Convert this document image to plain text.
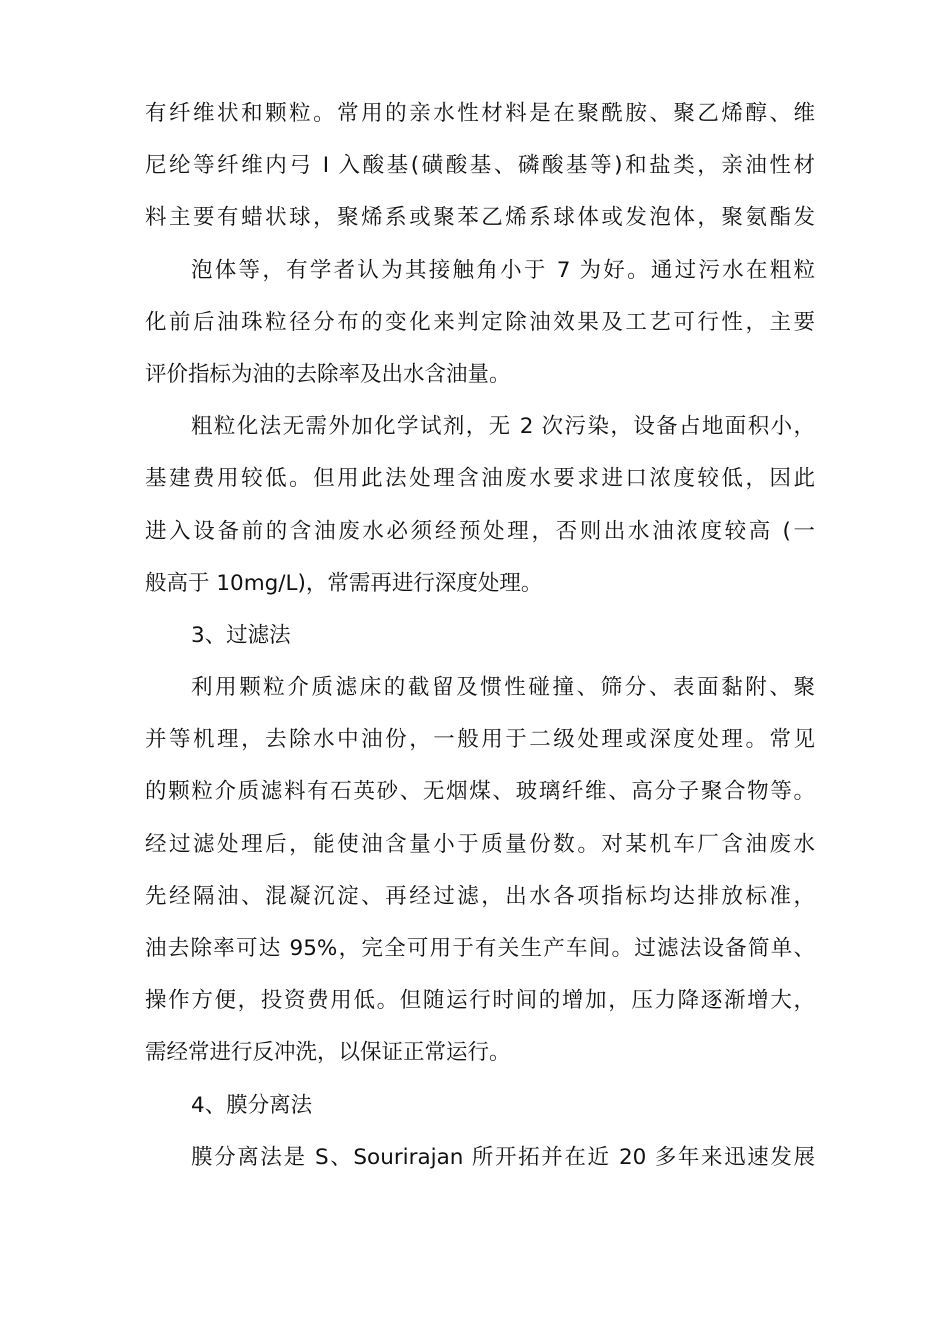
有纤维状和颗粒。常用的亲水性材料是在聚酰胺、聚乙烯醇、维
尼纶等纤维内弓 I 入酸基(磺酸基、磷酸基等)和盐类，亲油性材
料主要有蜡状球，聚烯系或聚苯乙烯系球体或发泡体，聚氨酯发
泡体等，有学者认为其接触角小于 7 为好。通过污水在粗粒
化前后油珠粒径分布的变化来判定除油效果及工艺可行性，主要
评价指标为油的去除率及出水含油量。
粗粒化法无需外加化学试剂，无 2 次污染，设备占地面积小，
基建费用较低。但用此法处理含油废水要求进口浓度较低，因此
进入设备前的含油废水必须经预处理，否则出水油浓度较高 (一
般高于 10mg/L)，常需再进行深度处理。
3、过滤法
利用颗粒介质滤床的截留及惯性碰撞、筛分、表面黏附、聚
并等机理，去除水中油份，一般用于二级处理或深度处理。常见
的颗粒介质滤料有石英砂、无烟煤、玻璃纤维、高分子聚合物等。
经过滤处理后，能使油含量小于质量份数。对某机车厂含油废水
先经隔油、混凝沉淀、再经过滤，出水各项指标均达排放标准，
油去除率可达 95%，完全可用于有关生产车间。过滤法设备简单、
操作方便，投资费用低。但随运行时间的增加，压力降逐渐增大，
需经常进行反冲洗，以保证正常运行。
4、膜分离法
膜分离法是 S、Sourirajan 所开拓并在近 20 多年来迅速发展
